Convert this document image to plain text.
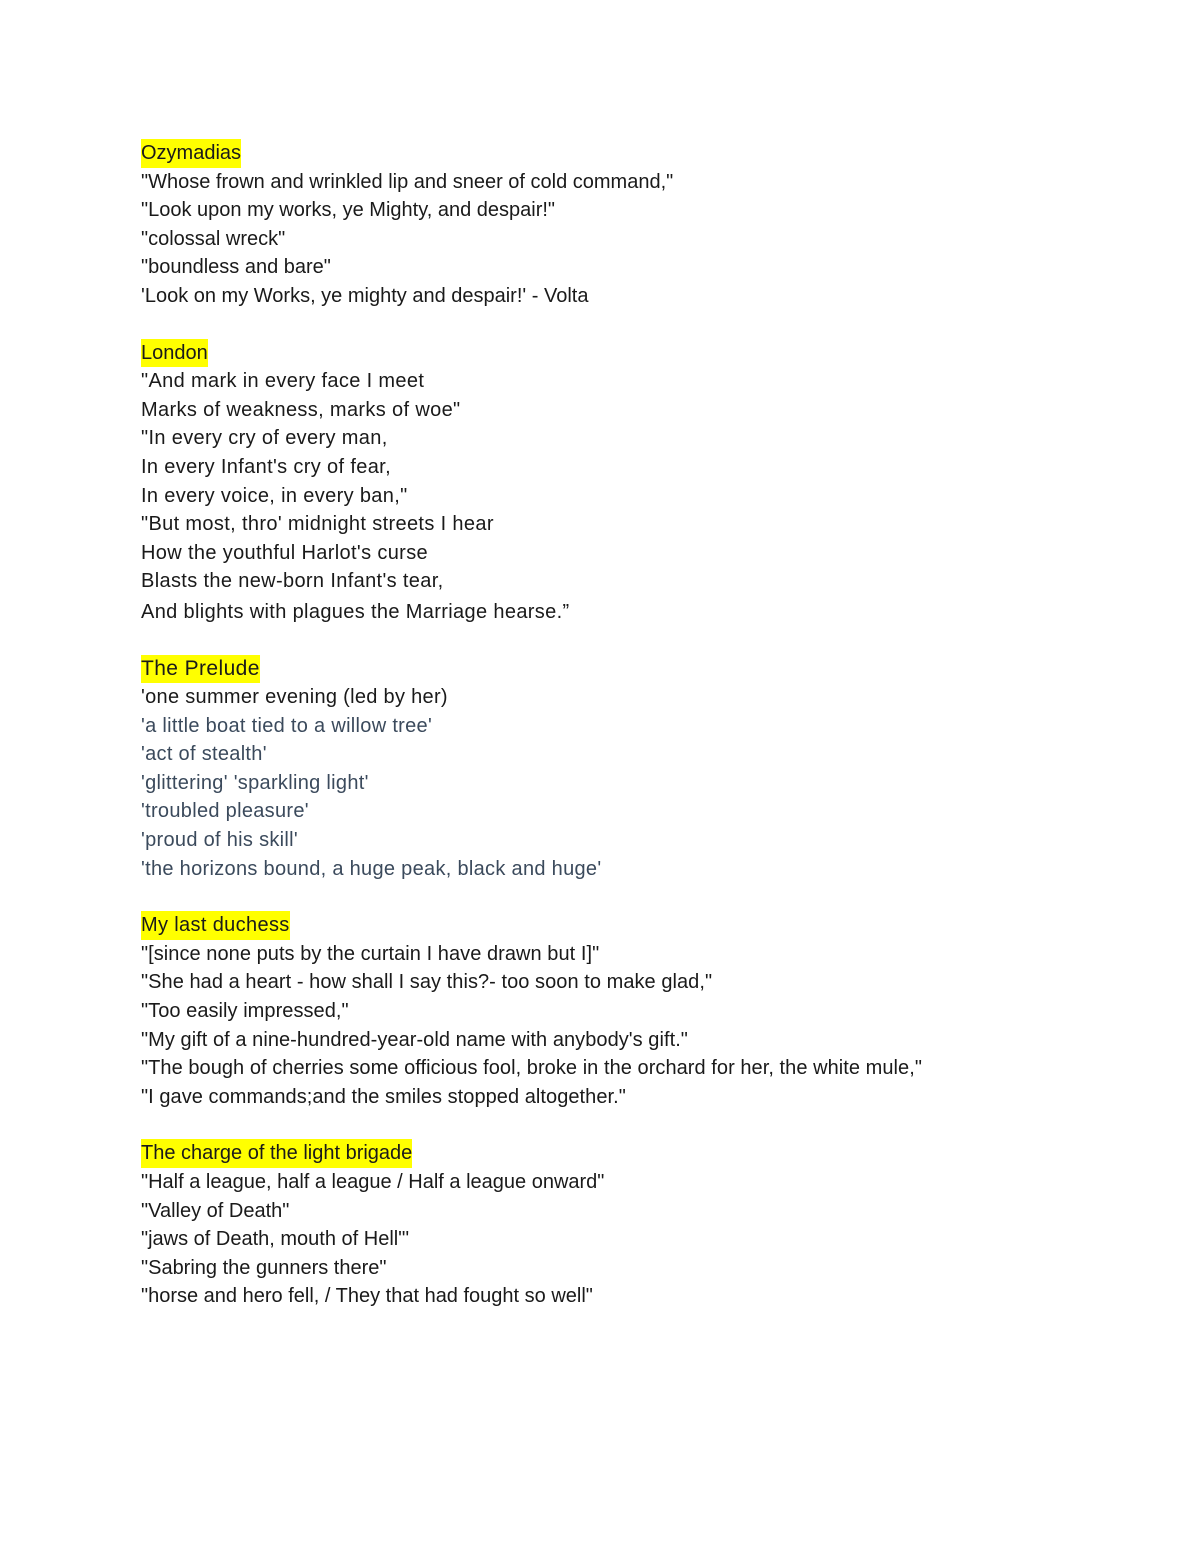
Ozymadias
"Whose frown and wrinkled lip and sneer of cold command,"
"Look upon my works, ye Mighty, and despair!"
"colossal wreck"
"boundless and bare"
'Look on my Works, ye mighty and despair!' - Volta
London
"And mark in every face I meet
Marks of weakness, marks of woe"
"In every cry of every man,
In every Infant's cry of fear,
In every voice, in every ban,"
"But most, thro' midnight streets I hear
How the youthful Harlot's curse
Blasts the new-born Infant's tear,
And blights with plagues the Marriage hearse.”
The Prelude
'one summer evening (led by her)
'a little boat tied to a willow tree'
'act of stealth'
'glittering' 'sparkling light'
'troubled pleasure'
'proud of his skill'
'the horizons bound, a huge peak, black and huge'
My last duchess
"[since none puts by the curtain I have drawn but I]"
"She had a heart - how shall I say this?- too soon to make glad,"
"Too easily impressed,"
"My gift of a nine-hundred-year-old name with anybody's gift."
"The bough of cherries some officious fool, broke in the orchard for her, the white mule,"
"I gave commands;and the smiles stopped altogether."
The charge of the light brigade
"Half a league, half a league / Half a league onward"
"Valley of Death"
"jaws of Death, mouth of Hell"'
"Sabring the gunners there"
"horse and hero fell, / They that had fought so well"
